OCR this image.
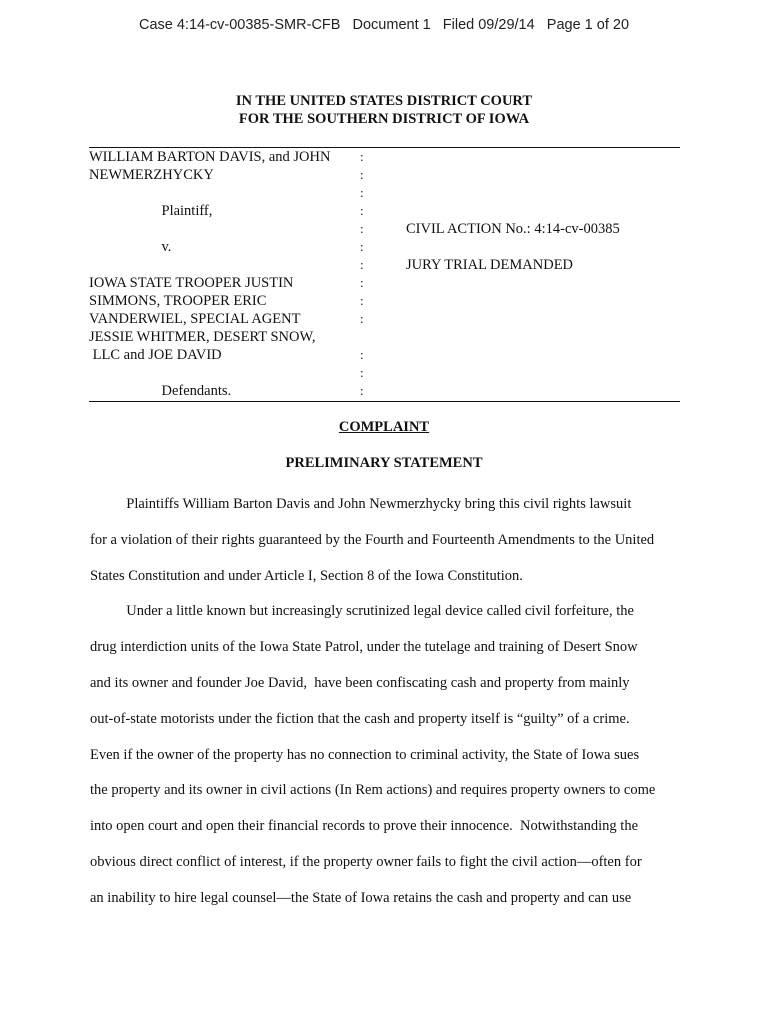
Case 4:14-cv-00385-SMR-CFB   Document 1   Filed 09/29/14   Page 1 of 20
IN THE UNITED STATES DISTRICT COURT
FOR THE SOUTHERN DISTRICT OF IOWA
WILLIAM BARTON DAVIS, and JOHN
NEWMERZHYCKY
Plaintiff,
v.
IOWA STATE TROOPER JUSTIN
SIMMONS, TROOPER ERIC
VANDERWIEL, SPECIAL AGENT
JESSIE WHITMER, DESERT SNOW,
LLC and JOE DAVID
Defendants.
:
:
:
:
:
:
:
:
:
:
:
:
:
CIVIL ACTION No.: 4:14-cv-00385
JURY TRIAL DEMANDED
COMPLAINT
PRELIMINARY STATEMENT
Plaintiffs William Barton Davis and John Newmerzhycky bring this civil rights lawsuit
for a violation of their rights guaranteed by the Fourth and Fourteenth Amendments to the United
States Constitution and under Article I, Section 8 of the Iowa Constitution.
Under a little known but increasingly scrutinized legal device called civil forfeiture, the
drug interdiction units of the Iowa State Patrol, under the tutelage and training of Desert Snow
and its owner and founder Joe David,  have been confiscating cash and property from mainly
out-of-state motorists under the fiction that the cash and property itself is “guilty” of a crime.
Even if the owner of the property has no connection to criminal activity, the State of Iowa sues
the property and its owner in civil actions (In Rem actions) and requires property owners to come
into open court and open their financial records to prove their innocence.  Notwithstanding the
obvious direct conflict of interest, if the property owner fails to fight the civil action—often for
an inability to hire legal counsel—the State of Iowa retains the cash and property and can use
